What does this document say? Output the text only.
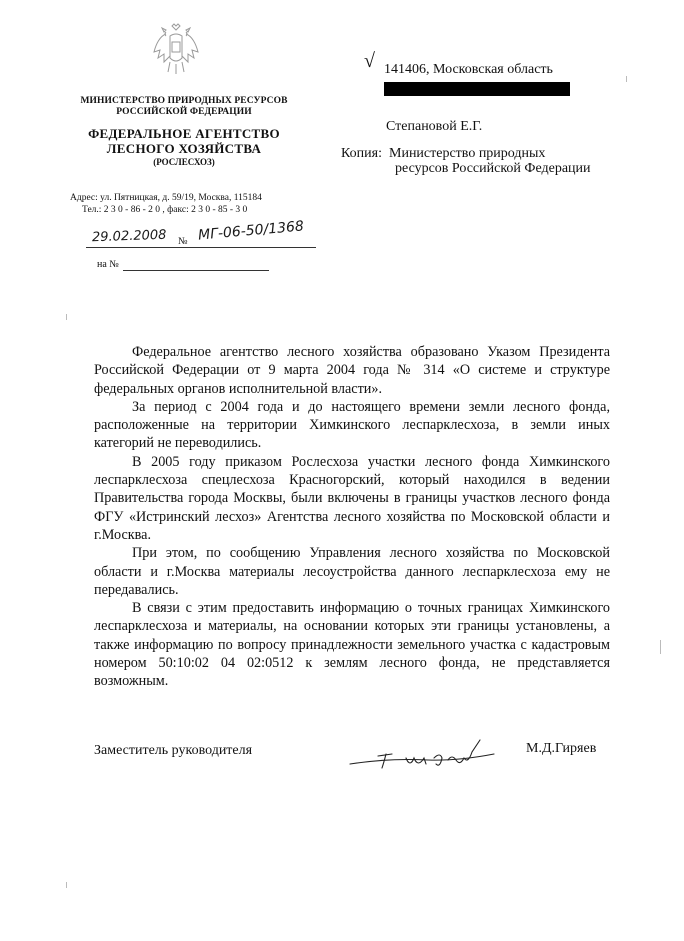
МИНИСТЕРСТВО ПРИРОДНЫХ РЕСУРСОВ
РОССИЙСКОЙ ФЕДЕРАЦИИ
ФЕДЕРАЛЬНОЕ АГЕНТСТВО
ЛЕСНОГО ХОЗЯЙСТВА
(РОСЛЕСХОЗ)
Адрес: ул. Пятницкая, д. 59/19, Москва, 115184
Тел.: 2 3 0 - 86 - 2 0 , факс: 2 3 0 - 85 - 3 0
29.02.2008 № МГ-06-50/1368
на №
√ 141406, Московская область
Степановой Е.Г.
Копия: Министерство природных
ресурсов Российской Федерации

Федеральное агентство лесного хозяйства образовано Указом Президента Российской Федерации от 9 марта 2004 года № 314 «О системе и структуре федеральных органов исполнительной власти».

За период с 2004 года и до настоящего времени земли лесного фонда, расположенные на территории Химкинского леспарклесхоза, в земли иных категорий не переводились.

В 2005 году приказом Рослесхоза участки лесного фонда Химкинского леспарклесхоза спецлесхоза Красногорский, который находился в ведении Правительства города Москвы, были включены в границы участков лесного фонда ФГУ «Истринский лесхоз» Агентства лесного хозяйства по Московской области и г.Москва.

При этом, по сообщению Управления лесного хозяйства по Московской области и г.Москва материалы лесоустройства данного леспарклесхоза ему не передавались.

В связи с этим предоставить информацию о точных границах Химкинского леспарклесхоза и материалы, на основании которых эти границы установлены, а также информацию по вопросу принадлежности земельного участка с кадастровым номером 50:10:02 04 02:0512 к землям лесного фонда, не представляется возможным.

Заместитель руководителя	М.Д.Гиряев
